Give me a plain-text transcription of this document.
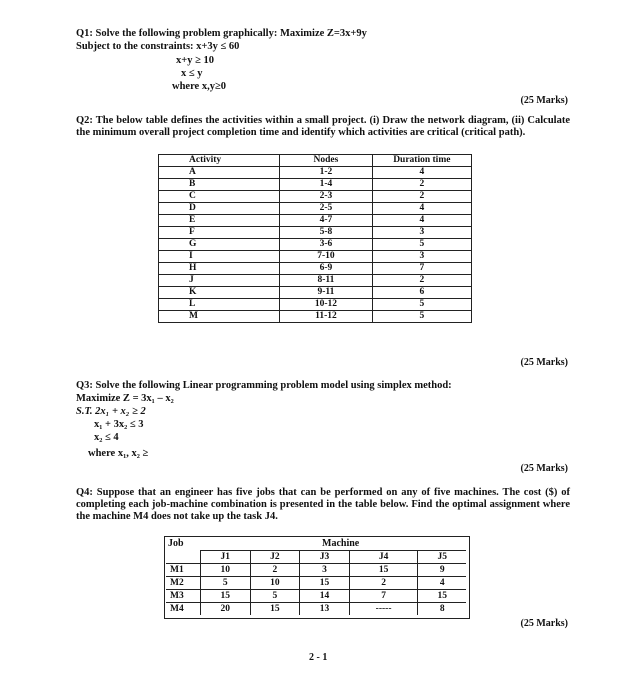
Q1: Solve the following problem graphically: Maximize Z=3x+9y
Subject to the constraints: x+3y ≤ 60
x+y ≥ 10
x ≤ y
where x,y≥0
(25 Marks)
Q2: The below table defines the activities within a small project. (i) Draw the network diagram, (ii) Calculate the minimum overall project completion time and identify which activities are critical (critical path).
Activity	Nodes	Duration time
A	1-2	4
B	1-4	2
C	2-3	2
D	2-5	4
E	4-7	4
F	5-8	3
G	3-6	5
I	7-10	3
H	6-9	7
J	8-11	2
K	9-11	6
L	10-12	5
M	11-12	5
(25 Marks)
Q3: Solve the following Linear programming problem model using simplex method:
Maximize Z = 3x₁ – x₂
S.T. 2x₁ + x₂ ≥ 2
x₁ + 3x₂ ≤ 3
x₂ ≤ 4
where x₁, x₂ ≥
(25 Marks)
Q4: Suppose that an engineer has five jobs that can be performed on any of five machines. The cost ($) of completing each job-machine combination is presented in the table below. Find the optimal assignment where the machine M4 does not take up the task J4.
Job	Machine
	J1	J2	J3	J4	J5
M1	10	2	3	15	9
M2	5	10	15	2	4
M3	15	5	14	7	15
M4	20	15	13	-----	8
(25 Marks)
2 - 1
